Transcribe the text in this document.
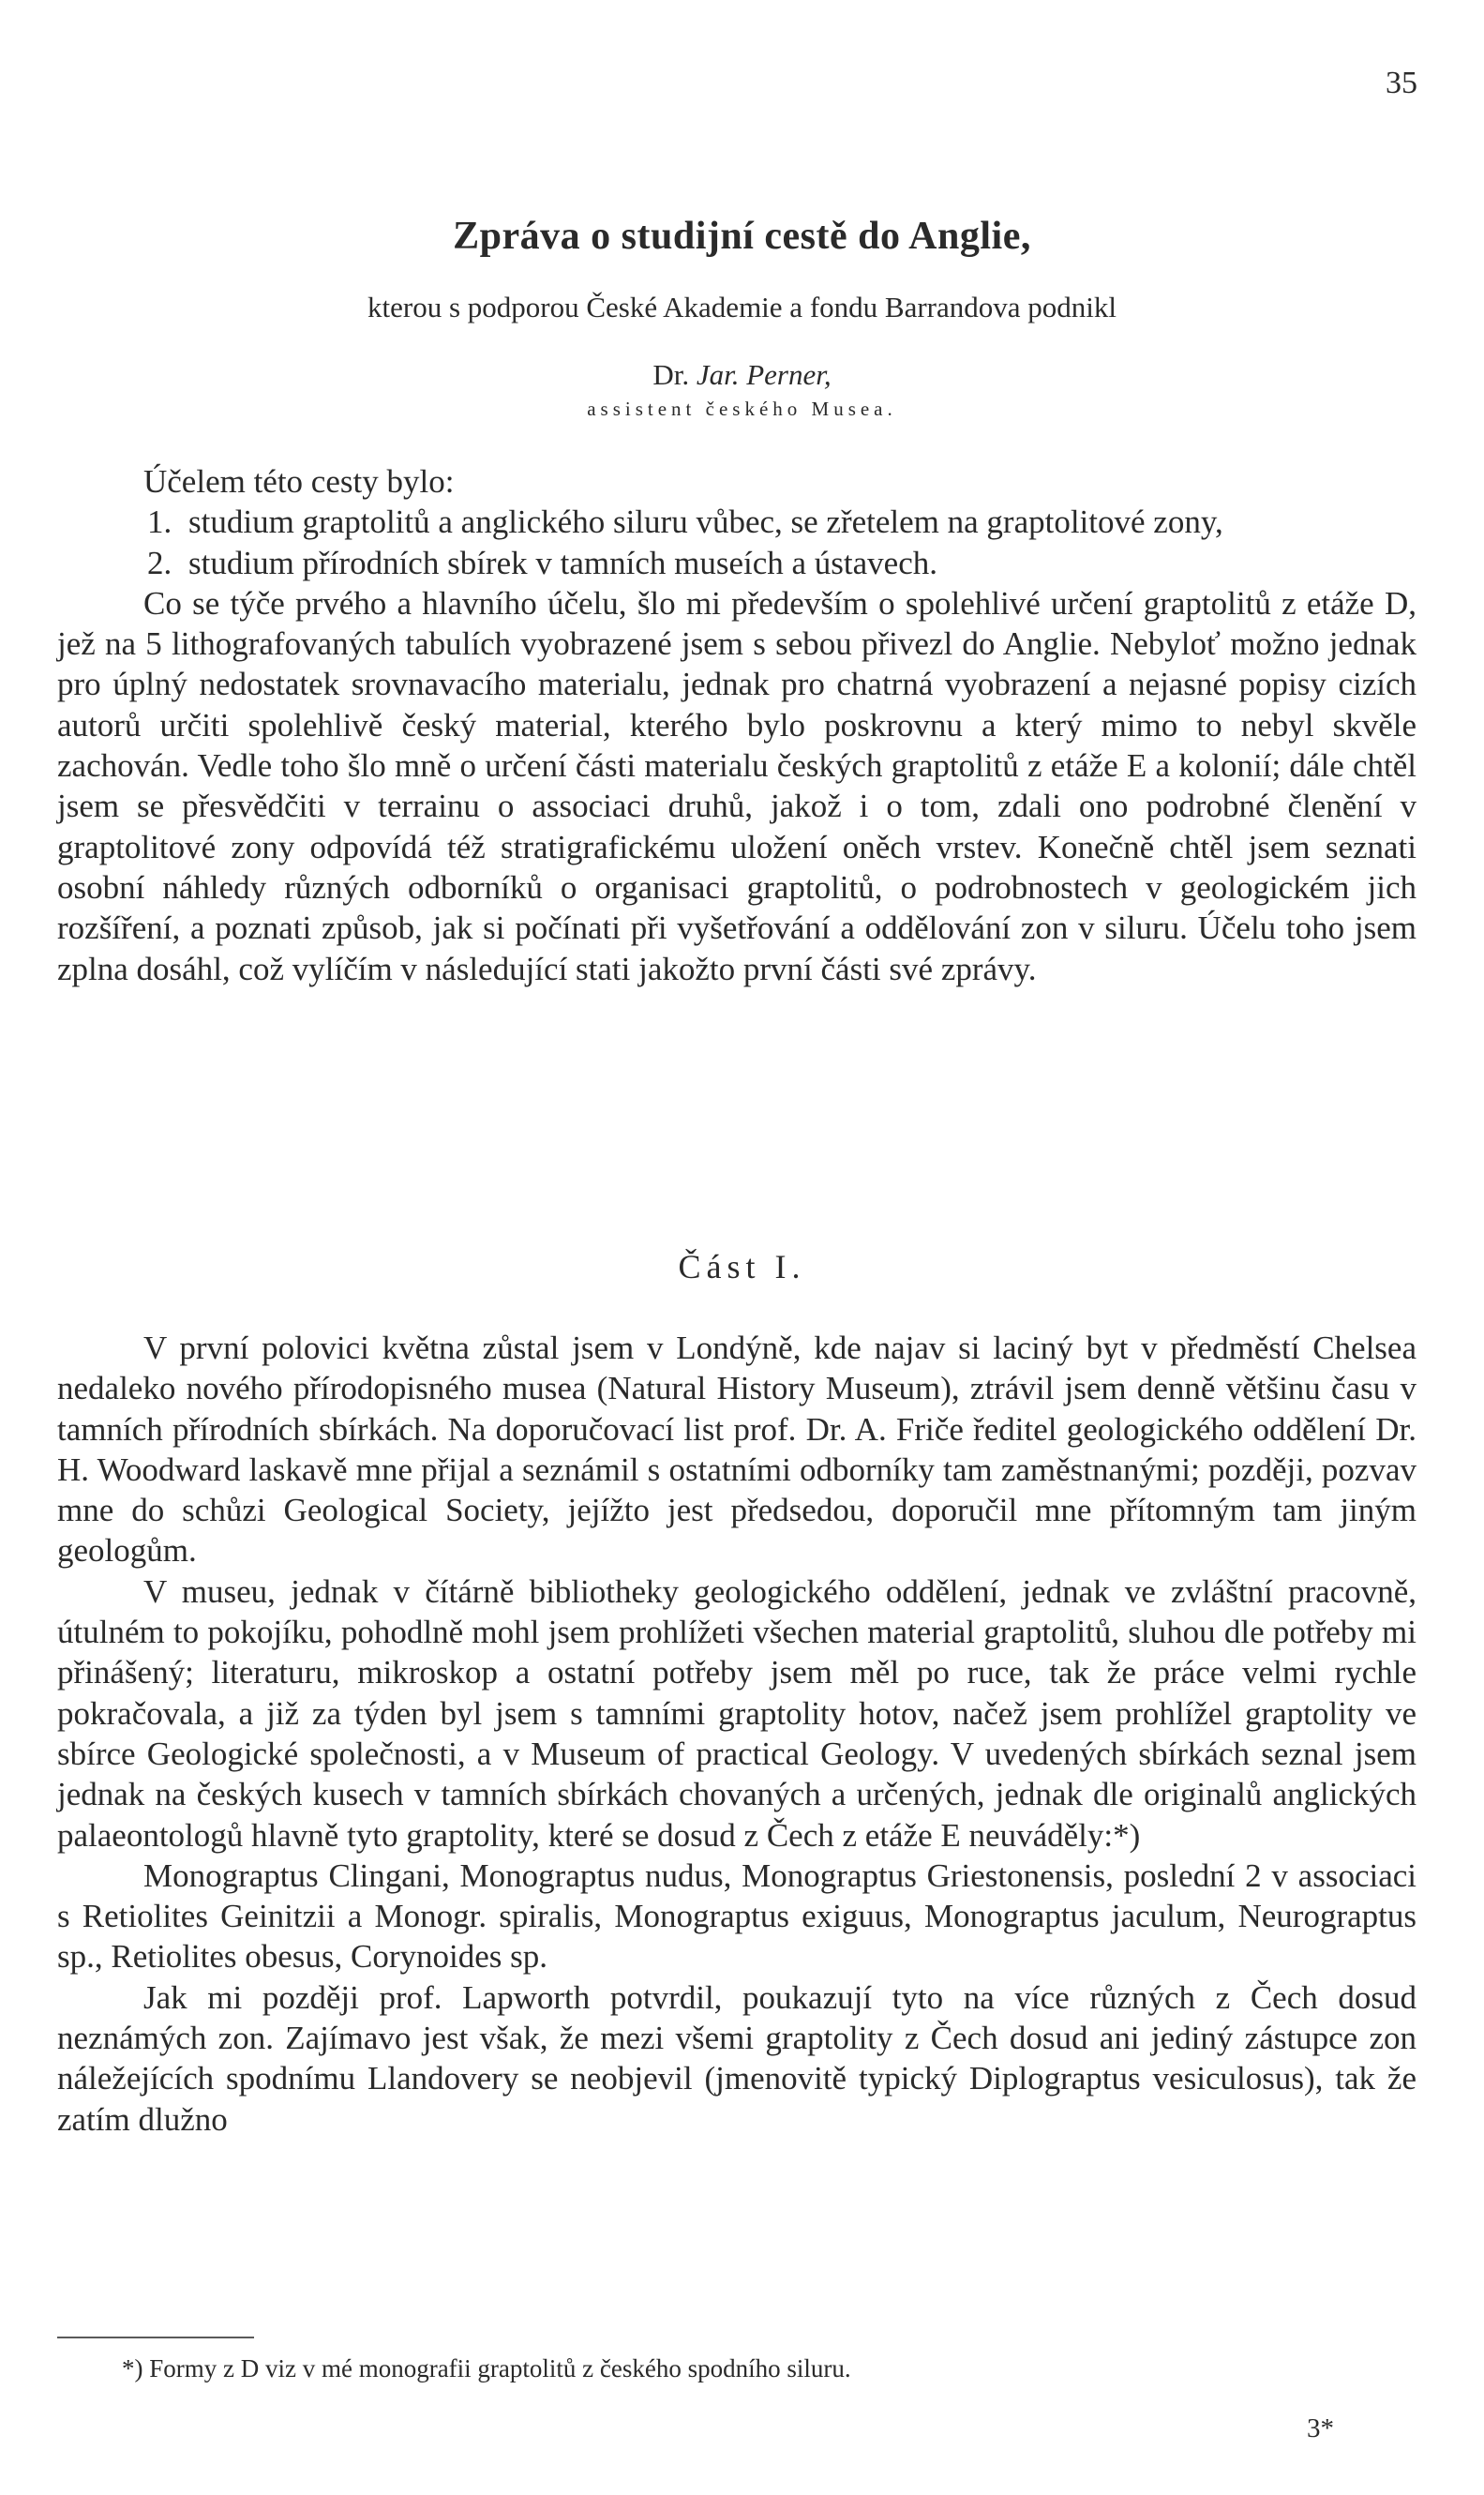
35
Zpráva o studijní cestě do Anglie,
kterou s podporou České Akademie a fondu Barrandova podnikl
Dr. Jar. Perner,
assistent českého Musea.

Účelem této cesty bylo:

1. studium graptolitů a anglického siluru vůbec, se zřetelem na graptolitové zony,

2. studium přírodních sbírek v tamních museích a ústavech.

Co se týče prvého a hlavního účelu, šlo mi především o spolehlivé určení graptolitů z etáže D, jež na 5 lithografovaných tabulích vyobrazené jsem s sebou přivezl do Anglie. Nebyloť možno jednak pro úplný nedostatek srovnavacího materialu, jednak pro chatrná vyobrazení a nejasné popisy cizích autorů určiti spolehlivě český material, kterého bylo poskrovnu a který mimo to nebyl skvěle zachován. Vedle toho šlo mně o určení části materialu českých graptolitů z etáže E a kolonií; dále chtěl jsem se přesvědčiti v terrainu o associaci druhů, jakož i o tom, zdali ono podrobné členění v graptolitové zony odpovídá též stratigrafickému uložení oněch vrstev. Konečně chtěl jsem seznati osobní náhledy různých odborníků o organisaci graptolitů, o podrobnostech v geologickém jich rozšíření, a poznati způsob, jak si počínati při vyšetřování a oddělování zon v siluru. Účelu toho jsem zplna dosáhl, což vylíčím v následující stati jakožto první části své zprávy.

Část I.

V první polovici května zůstal jsem v Londýně, kde najav si laciný byt v předměstí Chelsea nedaleko nového přírodopisného musea (Natural History Museum), ztrávil jsem denně většinu času v tamních přírodních sbírkách. Na doporučovací list prof. Dr. A. Friče ředitel geologického oddělení Dr. H. Woodward laskavě mne přijal a seznámil s ostatními odborníky tam zaměstnanými; později, pozvav mne do schůzi Geological Society, jejížto jest předsedou, doporučil mne přítomným tam jiným geologům.

V museu, jednak v čítárně bibliotheky geologického oddělení, jednak ve zvláštní pracovně, útulném to pokojíku, pohodlně mohl jsem prohlížeti všechen material graptolitů, sluhou dle potřeby mi přinášený; literaturu, mikroskop a ostatní potřeby jsem měl po ruce, tak že práce velmi rychle pokračovala, a již za týden byl jsem s tamními graptolity hotov, načež jsem prohlížel graptolity ve sbírce Geologické společnosti, a v Museum of practical Geology. V uvedených sbírkách seznal jsem jednak na českých kusech v tamních sbírkách chovaných a určených, jednak dle originalů anglických palaeontologů hlavně tyto graptolity, které se dosud z Čech z etáže E neuváděly:*)

Monograptus Clingani, Monograptus nudus, Monograptus Griestonensis, poslední 2 v associaci s Retiolites Geinitzii a Monogr. spiralis, Monograptus exiguus, Monograptus jaculum, Neurograptus sp., Retiolites obesus, Corynoides sp.

Jak mi později prof. Lapworth potvrdil, poukazují tyto na více různých z Čech dosud neznámých zon. Zajímavo jest však, že mezi všemi graptolity z Čech dosud ani jediný zástupce zon náležejících spodnímu Llandovery se neobjevil (jmenovitě typický Diplograptus vesiculosus), tak že zatím dlužno

*) Formy z D viz v mé monografii graptolitů z českého spodního siluru.
3*
